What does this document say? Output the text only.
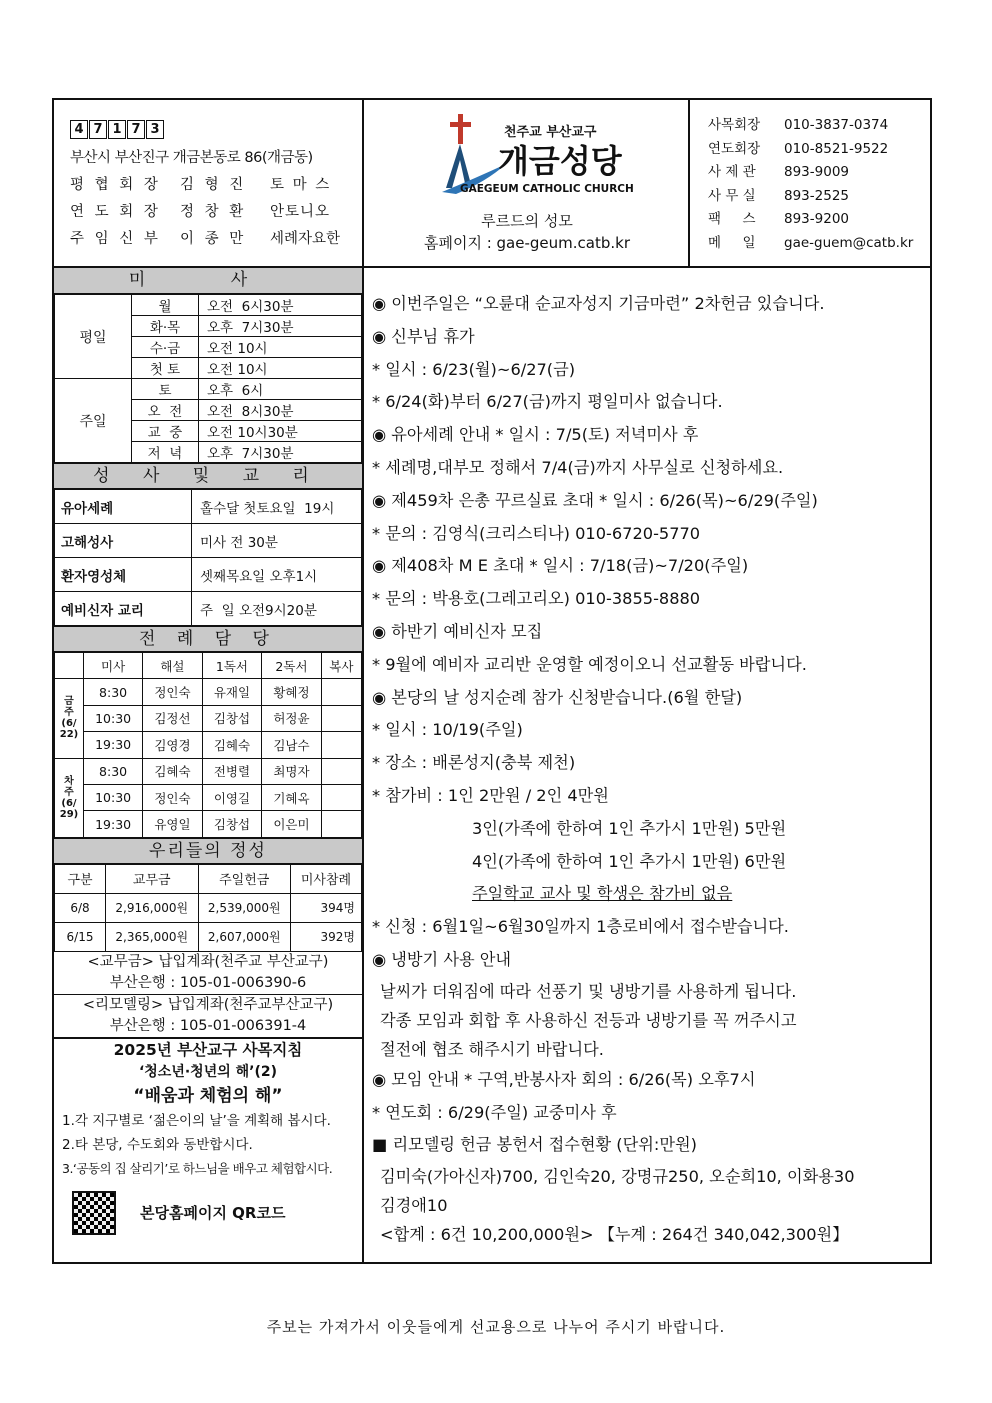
4 7 1 7 3
부산시 부산진구 개금본동로 86(개금동)
평 협 회 장 김 형 진 토 마 스
연 도 회 장 정 창 환 안토니오
주 임 신 부 이 종 만 세례자요한
천주교 부산교구
개금성당
GAEGEUM CATHOLIC CHURCH
루르드의 성모
홈페이지 : gae-geum.catb.kr
사목회장 010-3837-0374
연도회장 010-8521-9522
사 제 관 893-9009
사 무 실 893-2525
팩     스 893-9200
메     일 gae-guem@catb.kr
미 사
평일	월	오전  6시30분
	화·목	오후  7시30분
	수·금	오전 10시
	첫 토	오전 10시
주일	토	오후  6시
	오  전	오전  8시30분
	교  중	오전 10시30분
	저  녁	오후  7시30분
성 사 및 교 리
유아세례	홀수달 첫토요일  19시
고해성사	미사 전 30분
환자영성체	셋째목요일 오후1시
예비신자 교리	주  일 오전9시20분
전 례 담 당
	미사	해설	1독서	2독서	복사
금
주
(6/
22)	8:30	정인숙	유재일	황혜정	
	10:30	김정선	김창섭	허정윤	
	19:30	김영경	김혜숙	김남수	
차
주
(6/
29)	8:30	김혜숙	전병렬	최명자	
	10:30	정인숙	이영길	기혜옥	
	19:30	유영일	김창섭	이은미	
우리들의 정성
구분	교무금	주일헌금	미사참례
6/8	2,916,000원	2,539,000원	394명
6/15	2,365,000원	2,607,000원	392명
<교무금> 납입계좌(천주교 부산교구)
부산은행 : 105-01-006390-6
<리모델링> 납입계좌(천주교부산교구)
부산은행 : 105-01-006391-4
2025년 부산교구 사목지침
‘청소년·청년의 해’(2)
“배움과 체험의 해”
1.각 지구별로 ‘젊은이의 날’을 계획해 봅시다.
2.타 본당, 수도회와 동반합시다.
3.‘공동의 집 살리기’로 하느님을 배우고 체험합시다.
본당홈페이지 QR코드
◉ 이번주일은 “오륜대 순교자성지 기금마련” 2차헌금 있습니다.
◉ 신부님 휴가
* 일시 : 6/23(월)~6/27(금)
* 6/24(화)부터 6/27(금)까지 평일미사 없습니다.
◉ 유아세례 안내 * 일시 : 7/5(토) 저녁미사 후
* 세례명,대부모 정해서 7/4(금)까지 사무실로 신청하세요.
◉ 제459차 은총 꾸르실료 초대 * 일시 : 6/26(목)~6/29(주일)
* 문의 : 김영식(크리스티나) 010-6720-5770
◉ 제408차 M E 초대 * 일시 : 7/18(금)~7/20(주일)
* 문의 : 박용호(그레고리오) 010-3855-8880
◉ 하반기 예비신자 모집
* 9월에 예비자 교리반 운영할 예정이오니 선교활동 바랍니다.
◉ 본당의 날 성지순례 참가 신청받습니다.(6월 한달)
* 일시 : 10/19(주일)
* 장소 : 배론성지(충북 제천)
* 참가비 : 1인 2만원 / 2인 4만원
3인(가족에 한하여 1인 추가시 1만원) 5만원
4인(가족에 한하여 1인 추가시 1만원) 6만원
주일학교 교사 및 학생은 참가비 없음
* 신청 : 6월1일~6월30일까지 1층로비에서 접수받습니다.
◉ 냉방기 사용 안내
날씨가 더워짐에 따라 선풍기 및 냉방기를 사용하게 됩니다.
각종 모임과 회합 후 사용하신 전등과 냉방기를 꼭 꺼주시고
절전에 협조 해주시기 바랍니다.
◉ 모임 안내 * 구역,반봉사자 회의 : 6/26(목) 오후7시
* 연도회 : 6/29(주일) 교중미사 후
■ 리모델링 헌금 봉헌서 접수현황 (단위:만원)
김미숙(가아신자)700, 김인숙20, 강명규250, 오순희10, 이화용30
김경애10
<합계 : 6건 10,200,000원> 【누계 : 264건 340,042,300원】
주보는 가져가서 이웃들에게 선교용으로 나누어 주시기 바랍니다.
